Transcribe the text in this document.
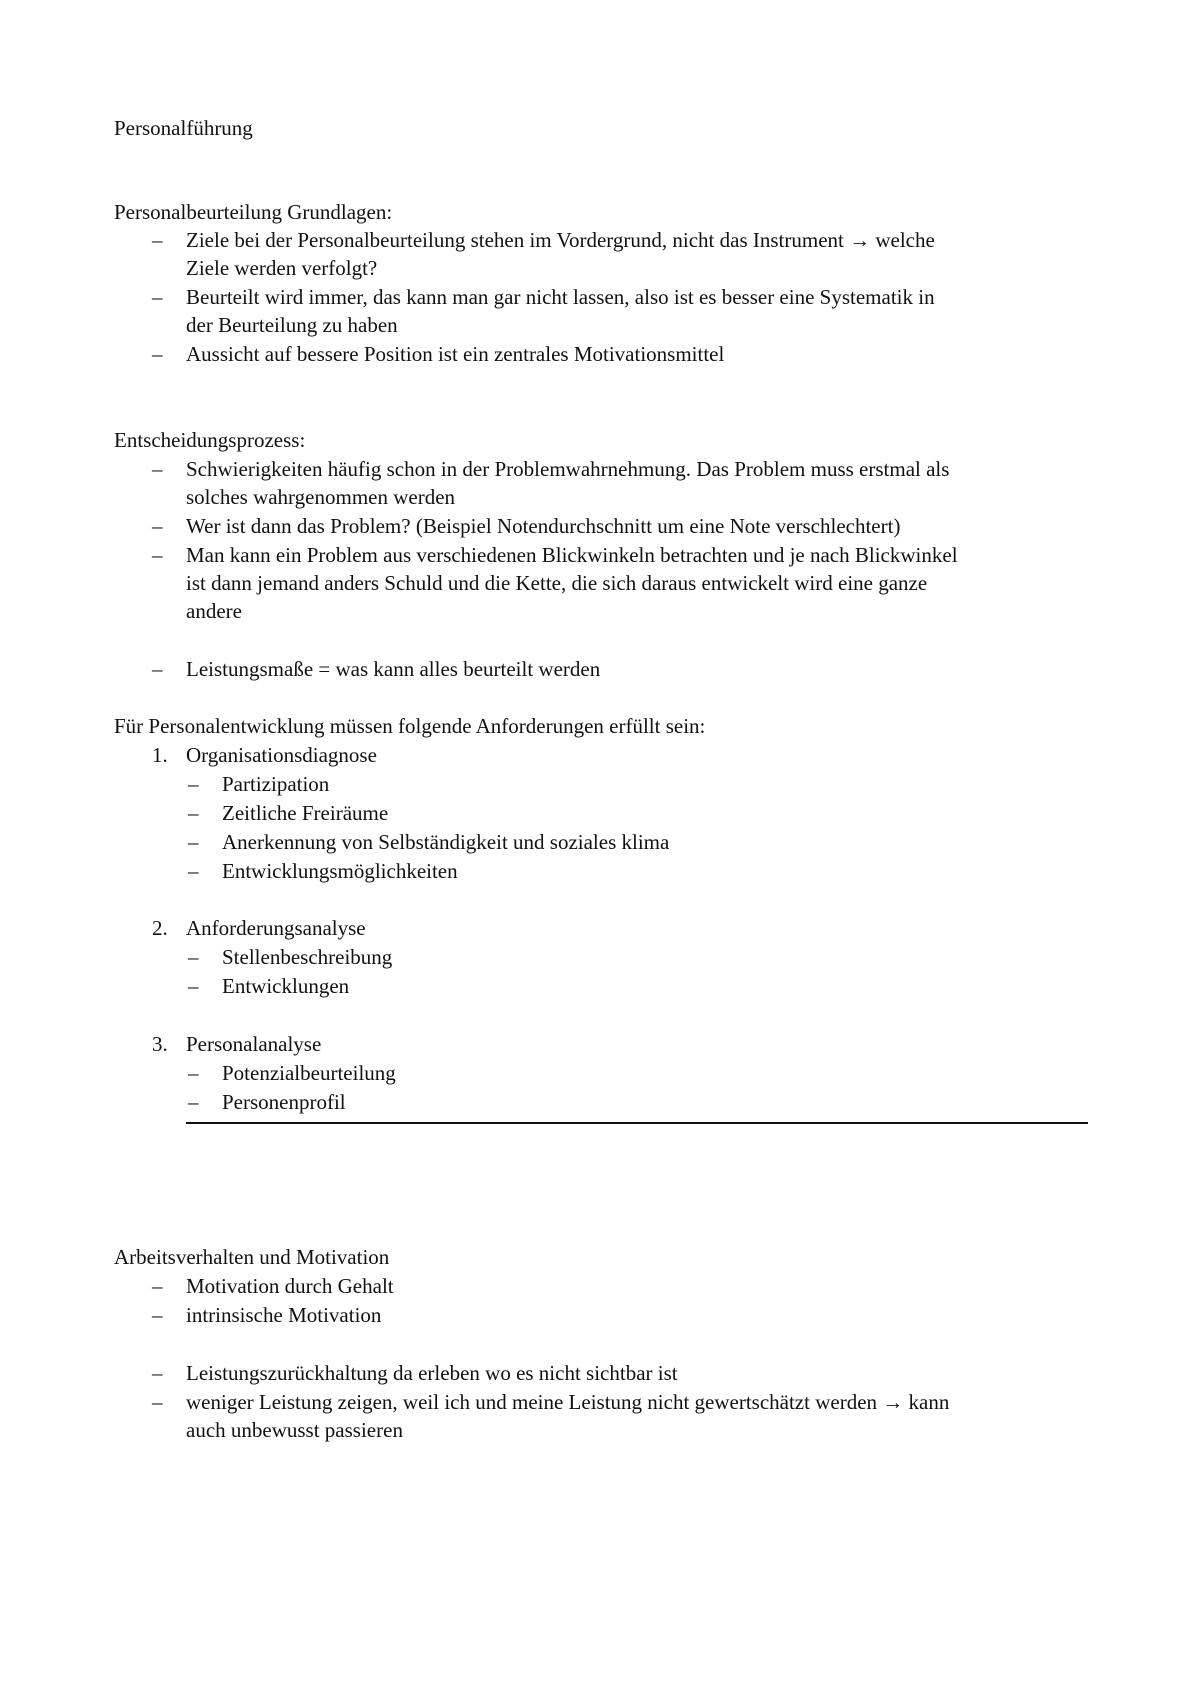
Personalführung
Personalbeurteilung Grundlagen:
– Ziele bei der Personalbeurteilung stehen im Vordergrund, nicht das Instrument → welche
Ziele werden verfolgt?
– Beurteilt wird immer, das kann man gar nicht lassen, also ist es besser eine Systematik in
der Beurteilung zu haben
– Aussicht auf bessere Position ist ein zentrales Motivationsmittel
Entscheidungsprozess:
– Schwierigkeiten häufig schon in der Problemwahrnehmung. Das Problem muss erstmal als
solches wahrgenommen werden
– Wer ist dann das Problem? (Beispiel Notendurchschnitt um eine Note verschlechtert)
– Man kann ein Problem aus verschiedenen Blickwinkeln betrachten und je nach Blickwinkel
ist dann jemand anders Schuld und die Kette, die sich daraus entwickelt wird eine ganze
andere
– Leistungsmaße = was kann alles beurteilt werden
Für Personalentwicklung müssen folgende Anforderungen erfüllt sein:
1. Organisationsdiagnose
– Partizipation
– Zeitliche Freiräume
– Anerkennung von Selbständigkeit und soziales klima
– Entwicklungsmöglichkeiten
2. Anforderungsanalyse
– Stellenbeschreibung
– Entwicklungen
3. Personalanalyse
– Potenzialbeurteilung
– Personenprofil
Arbeitsverhalten und Motivation
– Motivation durch Gehalt
– intrinsische Motivation
– Leistungszurückhaltung da erleben wo es nicht sichtbar ist
– weniger Leistung zeigen, weil ich und meine Leistung nicht gewertschätzt werden → kann
auch unbewusst passieren
